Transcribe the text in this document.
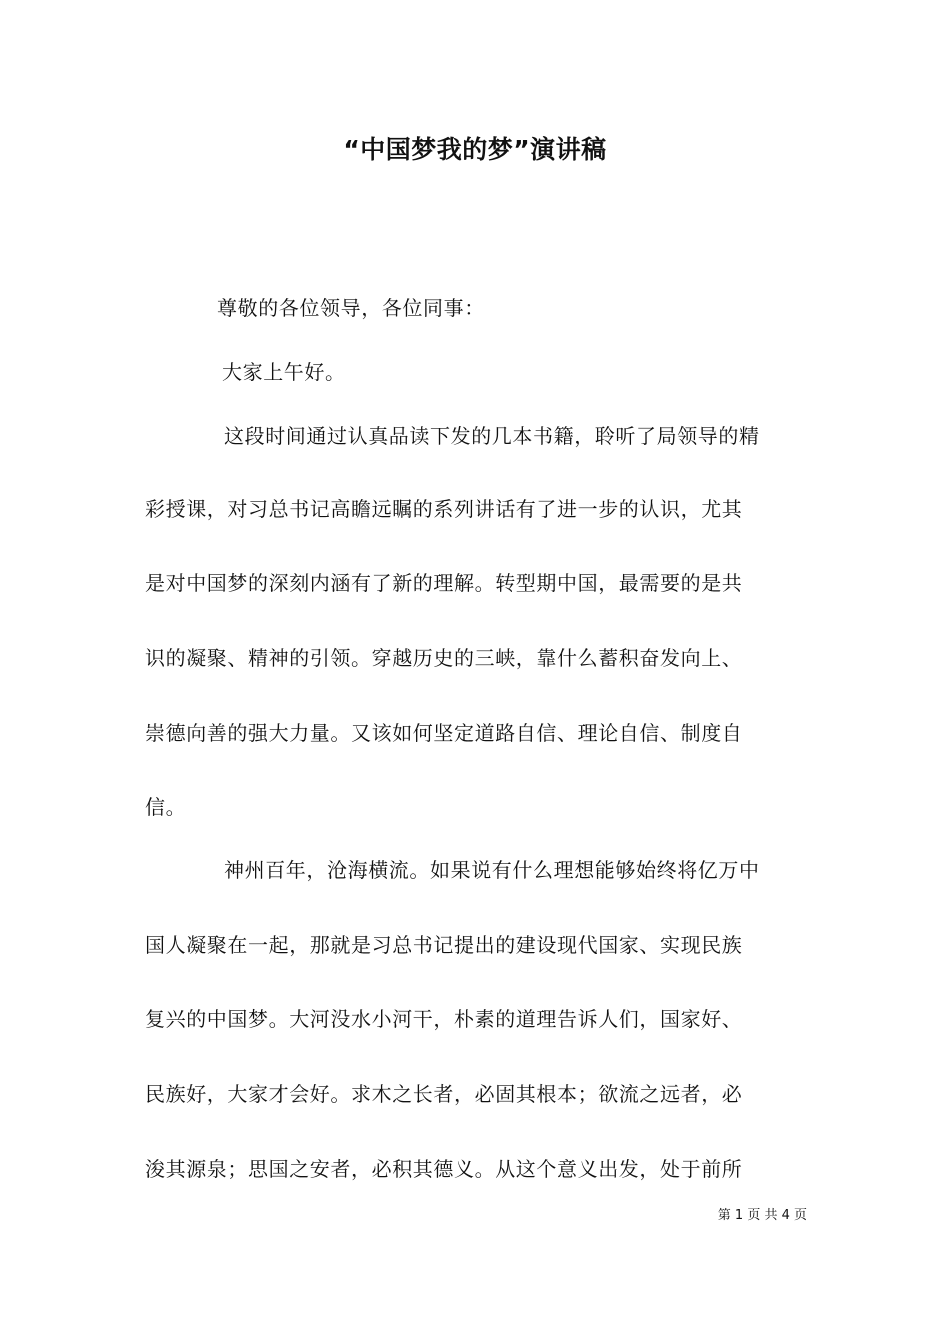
“中国梦我的梦”演讲稿
尊敬的各位领导，各位同事：
大家上午好。
这段时间通过认真品读下发的几本书籍，聆听了局领导的精
彩授课，对习总书记高瞻远瞩的系列讲话有了进一步的认识，尤其
是对中国梦的深刻内涵有了新的理解。转型期中国，最需要的是共
识的凝聚、精神的引领。穿越历史的三峡，靠什么蓄积奋发向上、
崇德向善的强大力量。又该如何坚定道路自信、理论自信、制度自
信。
神州百年，沧海横流。如果说有什么理想能够始终将亿万中
国人凝聚在一起，那就是习总书记提出的建设现代国家、实现民族
复兴的中国梦。大河没水小河干，朴素的道理告诉人们，国家好、
民族好，大家才会好。求木之长者，必固其根本；欲流之远者，必
浚其源泉；思国之安者，必积其德义。从这个意义出发，处于前所
第 1 页 共 4 页
